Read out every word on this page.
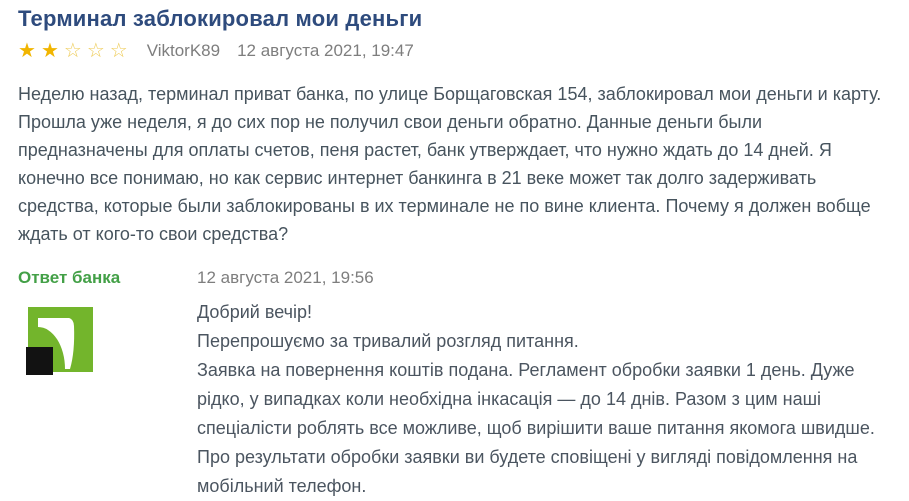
Терминал заблокировал мои деньги
★ ★ ☆ ☆ ☆ ViktorK89 12 августа 2021, 19:47

Неделю назад, терминал приват банка, по улице Борщаговская 154, заблокировал мои деньги и карту. Прошла уже неделя, я до сих пор не получил свои деньги обратно. Данные деньги были предназначены для оплаты счетов, пеня растет, банк утверждает, что нужно ждать до 14 дней. Я конечно все понимаю, но как сервис интернет банкинга в 21 веке может так долго задерживать средства, которые были заблокированы в их терминале не по вине клиента. Почему я должен вобще ждать от кого-то свои средства?

Ответ банка	12 августа 2021, 19:56

Добрий вечір!

Перепрошуємо за тривалий розгляд питання.

Заявка на повернення коштів подана. Регламент обробки заявки 1 день. Дуже рідко, у випадках коли необхідна інкасація — до 14 днів. Разом з цим наші спеціалісти роблять все можливе, щоб вирішити ваше питання якомога швидше. Про результати обробки заявки ви будете сповіщені у вигляді повідомлення на мобільний телефон.
